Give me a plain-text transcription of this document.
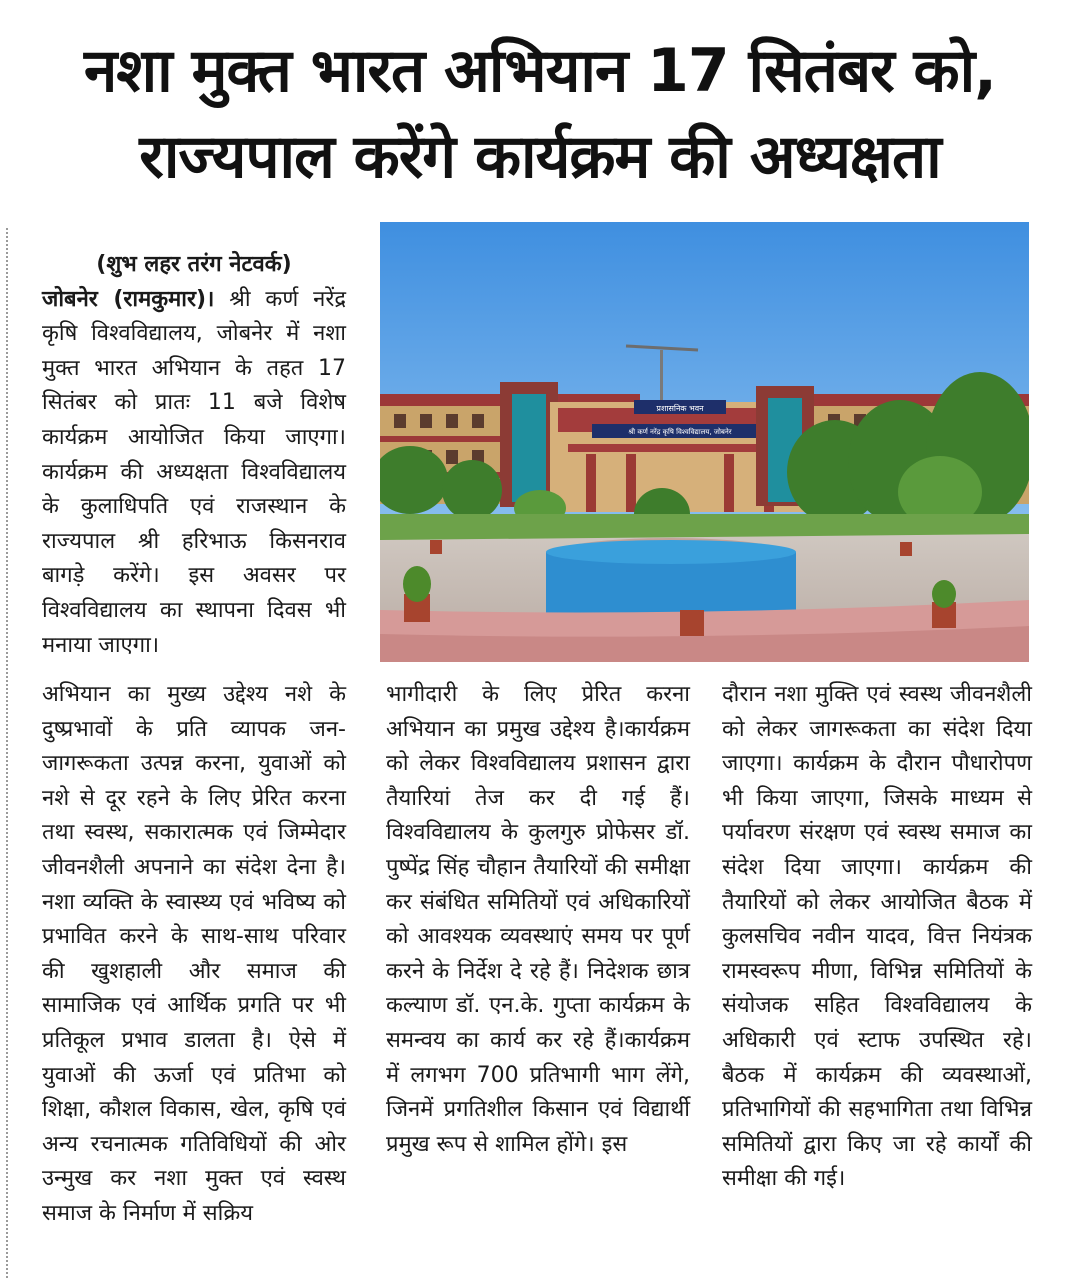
नशा मुक्त भारत अभियान 17 सितंबर को,
राज्यपाल करेंगे कार्यक्रम की अध्यक्षता

(शुभ लहर तरंग नेटवर्क)

जोबनेर (रामकुमार)। श्री कर्ण नरेंद्र कृषि विश्वविद्यालय, जोबनेर में नशा मुक्त भारत अभियान के तहत 17 सितंबर को प्रातः 11 बजे विशेष कार्यक्रम आयोजित किया जाएगा। कार्यक्रम की अध्यक्षता विश्वविद्यालय के कुलाधिपति एवं राजस्थान के राज्यपाल श्री हरिभाऊ किसनराव बागड़े करेंगे। इस अवसर पर विश्वविद्यालय का स्थापना दिवस भी मनाया जाएगा।

प्रशासनिक भवन
श्री कर्ण नरेंद्र कृषि विश्वविद्यालय, जोबनेर

अभियान का मुख्य उद्देश्य नशे के दुष्प्रभावों के प्रति व्यापक जन-जागरूकता उत्पन्न करना, युवाओं को नशे से दूर रहने के लिए प्रेरित करना तथा स्वस्थ, सकारात्मक एवं जिम्मेदार जीवनशैली अपनाने का संदेश देना है। नशा व्यक्ति के स्वास्थ्य एवं भविष्य को प्रभावित करने के साथ-साथ परिवार की खुशहाली और समाज की सामाजिक एवं आर्थिक प्रगति पर भी प्रतिकूल प्रभाव डालता है। ऐसे में युवाओं की ऊर्जा एवं प्रतिभा को शिक्षा, कौशल विकास, खेल, कृषि एवं अन्य रचनात्मक गतिविधियों की ओर उन्मुख कर नशा मुक्त एवं स्वस्थ समाज के निर्माण में सक्रिय

भागीदारी के लिए प्रेरित करना अभियान का प्रमुख उद्देश्य है।कार्यक्रम को लेकर विश्वविद्यालय प्रशासन द्वारा तैयारियां तेज कर दी गई हैं।विश्वविद्यालय के कुलगुरु प्रोफेसर डॉ. पुष्पेंद्र सिंह चौहान तैयारियों की समीक्षा कर संबंधित समितियों एवं अधिकारियों को आवश्यक व्यवस्थाएं समय पर पूर्ण करने के निर्देश दे रहे हैं। निदेशक छात्र कल्याण डॉ. एन.के. गुप्ता कार्यक्रम के समन्वय का कार्य कर रहे हैं।कार्यक्रम में लगभग 700 प्रतिभागी भाग लेंगे, जिनमें प्रगतिशील किसान एवं विद्यार्थी प्रमुख रूप से शामिल होंगे। इस

दौरान नशा मुक्ति एवं स्वस्थ जीवनशैली को लेकर जागरूकता का संदेश दिया जाएगा। कार्यक्रम के दौरान पौधारोपण भी किया जाएगा, जिसके माध्यम से पर्यावरण संरक्षण एवं स्वस्थ समाज का संदेश दिया जाएगा। कार्यक्रम की तैयारियों को लेकर आयोजित बैठक में कुलसचिव नवीन यादव, वित्त नियंत्रक रामस्वरूप मीणा, विभिन्न समितियों के संयोजक सहित विश्वविद्यालय के अधिकारी एवं स्टाफ उपस्थित रहे। बैठक में कार्यक्रम की व्यवस्थाओं, प्रतिभागियों की सहभागिता तथा विभिन्न समितियों द्वारा किए जा रहे कार्यों की समीक्षा की गई।
